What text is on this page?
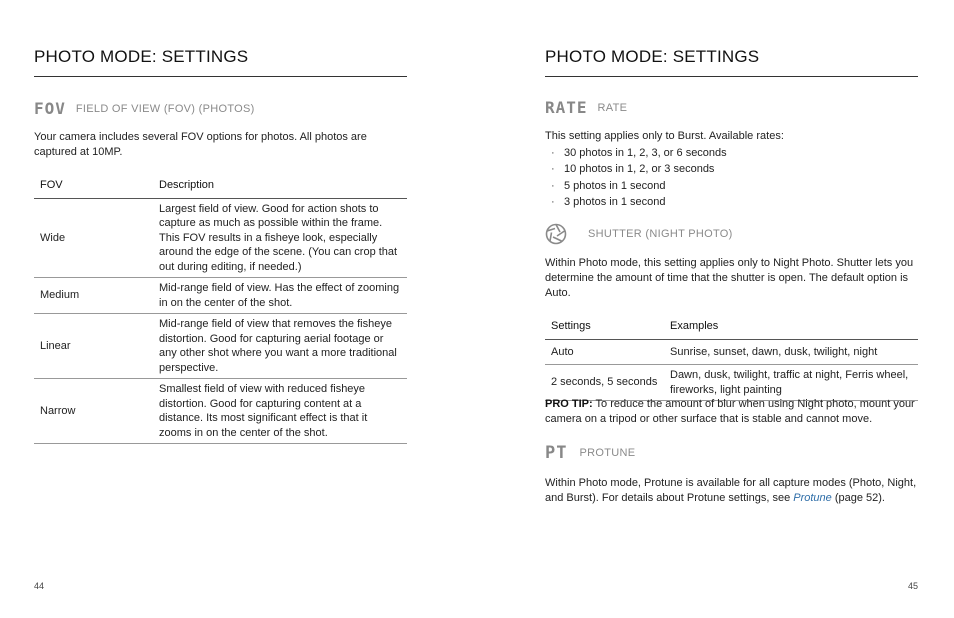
PHOTO MODE: SETTINGS
FOV FIELD OF VIEW (FOV) (PHOTOS)
Your camera includes several FOV options for photos. All photos are captured at 10MP.
FOV	Description
Wide	Largest field of view. Good for action shots to capture as much as possible within the frame. This FOV results in a fisheye look, especially around the edge of the scene. (You can crop that out during editing, if needed.)
Medium	Mid-range field of view. Has the effect of zooming in on the center of the shot.
Linear	Mid-range field of view that removes the fisheye distortion. Good for capturing aerial footage or any other shot where you want a more traditional perspective.
Narrow	Smallest field of view with reduced fisheye distortion. Good for capturing content at a distance. Its most significant effect is that it zooms in on the center of the shot.
44
PHOTO MODE: SETTINGS
RATE RATE
This setting applies only to Burst. Available rates:
· 30 photos in 1, 2, 3, or 6 seconds
· 10 photos in 1, 2, or 3 seconds
· 5 photos in 1 second
· 3 photos in 1 second
SHUTTER (NIGHT PHOTO)
Within Photo mode, this setting applies only to Night Photo. Shutter lets you determine the amount of time that the shutter is open. The default option is Auto.
Settings	Examples
Auto	Sunrise, sunset, dawn, dusk, twilight, night
2 seconds, 5 seconds	Dawn, dusk, twilight, traffic at night, Ferris wheel, fireworks, light painting
PRO TIP: To reduce the amount of blur when using Night photo, mount your camera on a tripod or other surface that is stable and cannot move.
PT PROTUNE
Within Photo mode, Protune is available for all capture modes (Photo, Night, and Burst). For details about Protune settings, see Protune (page 52).
45
